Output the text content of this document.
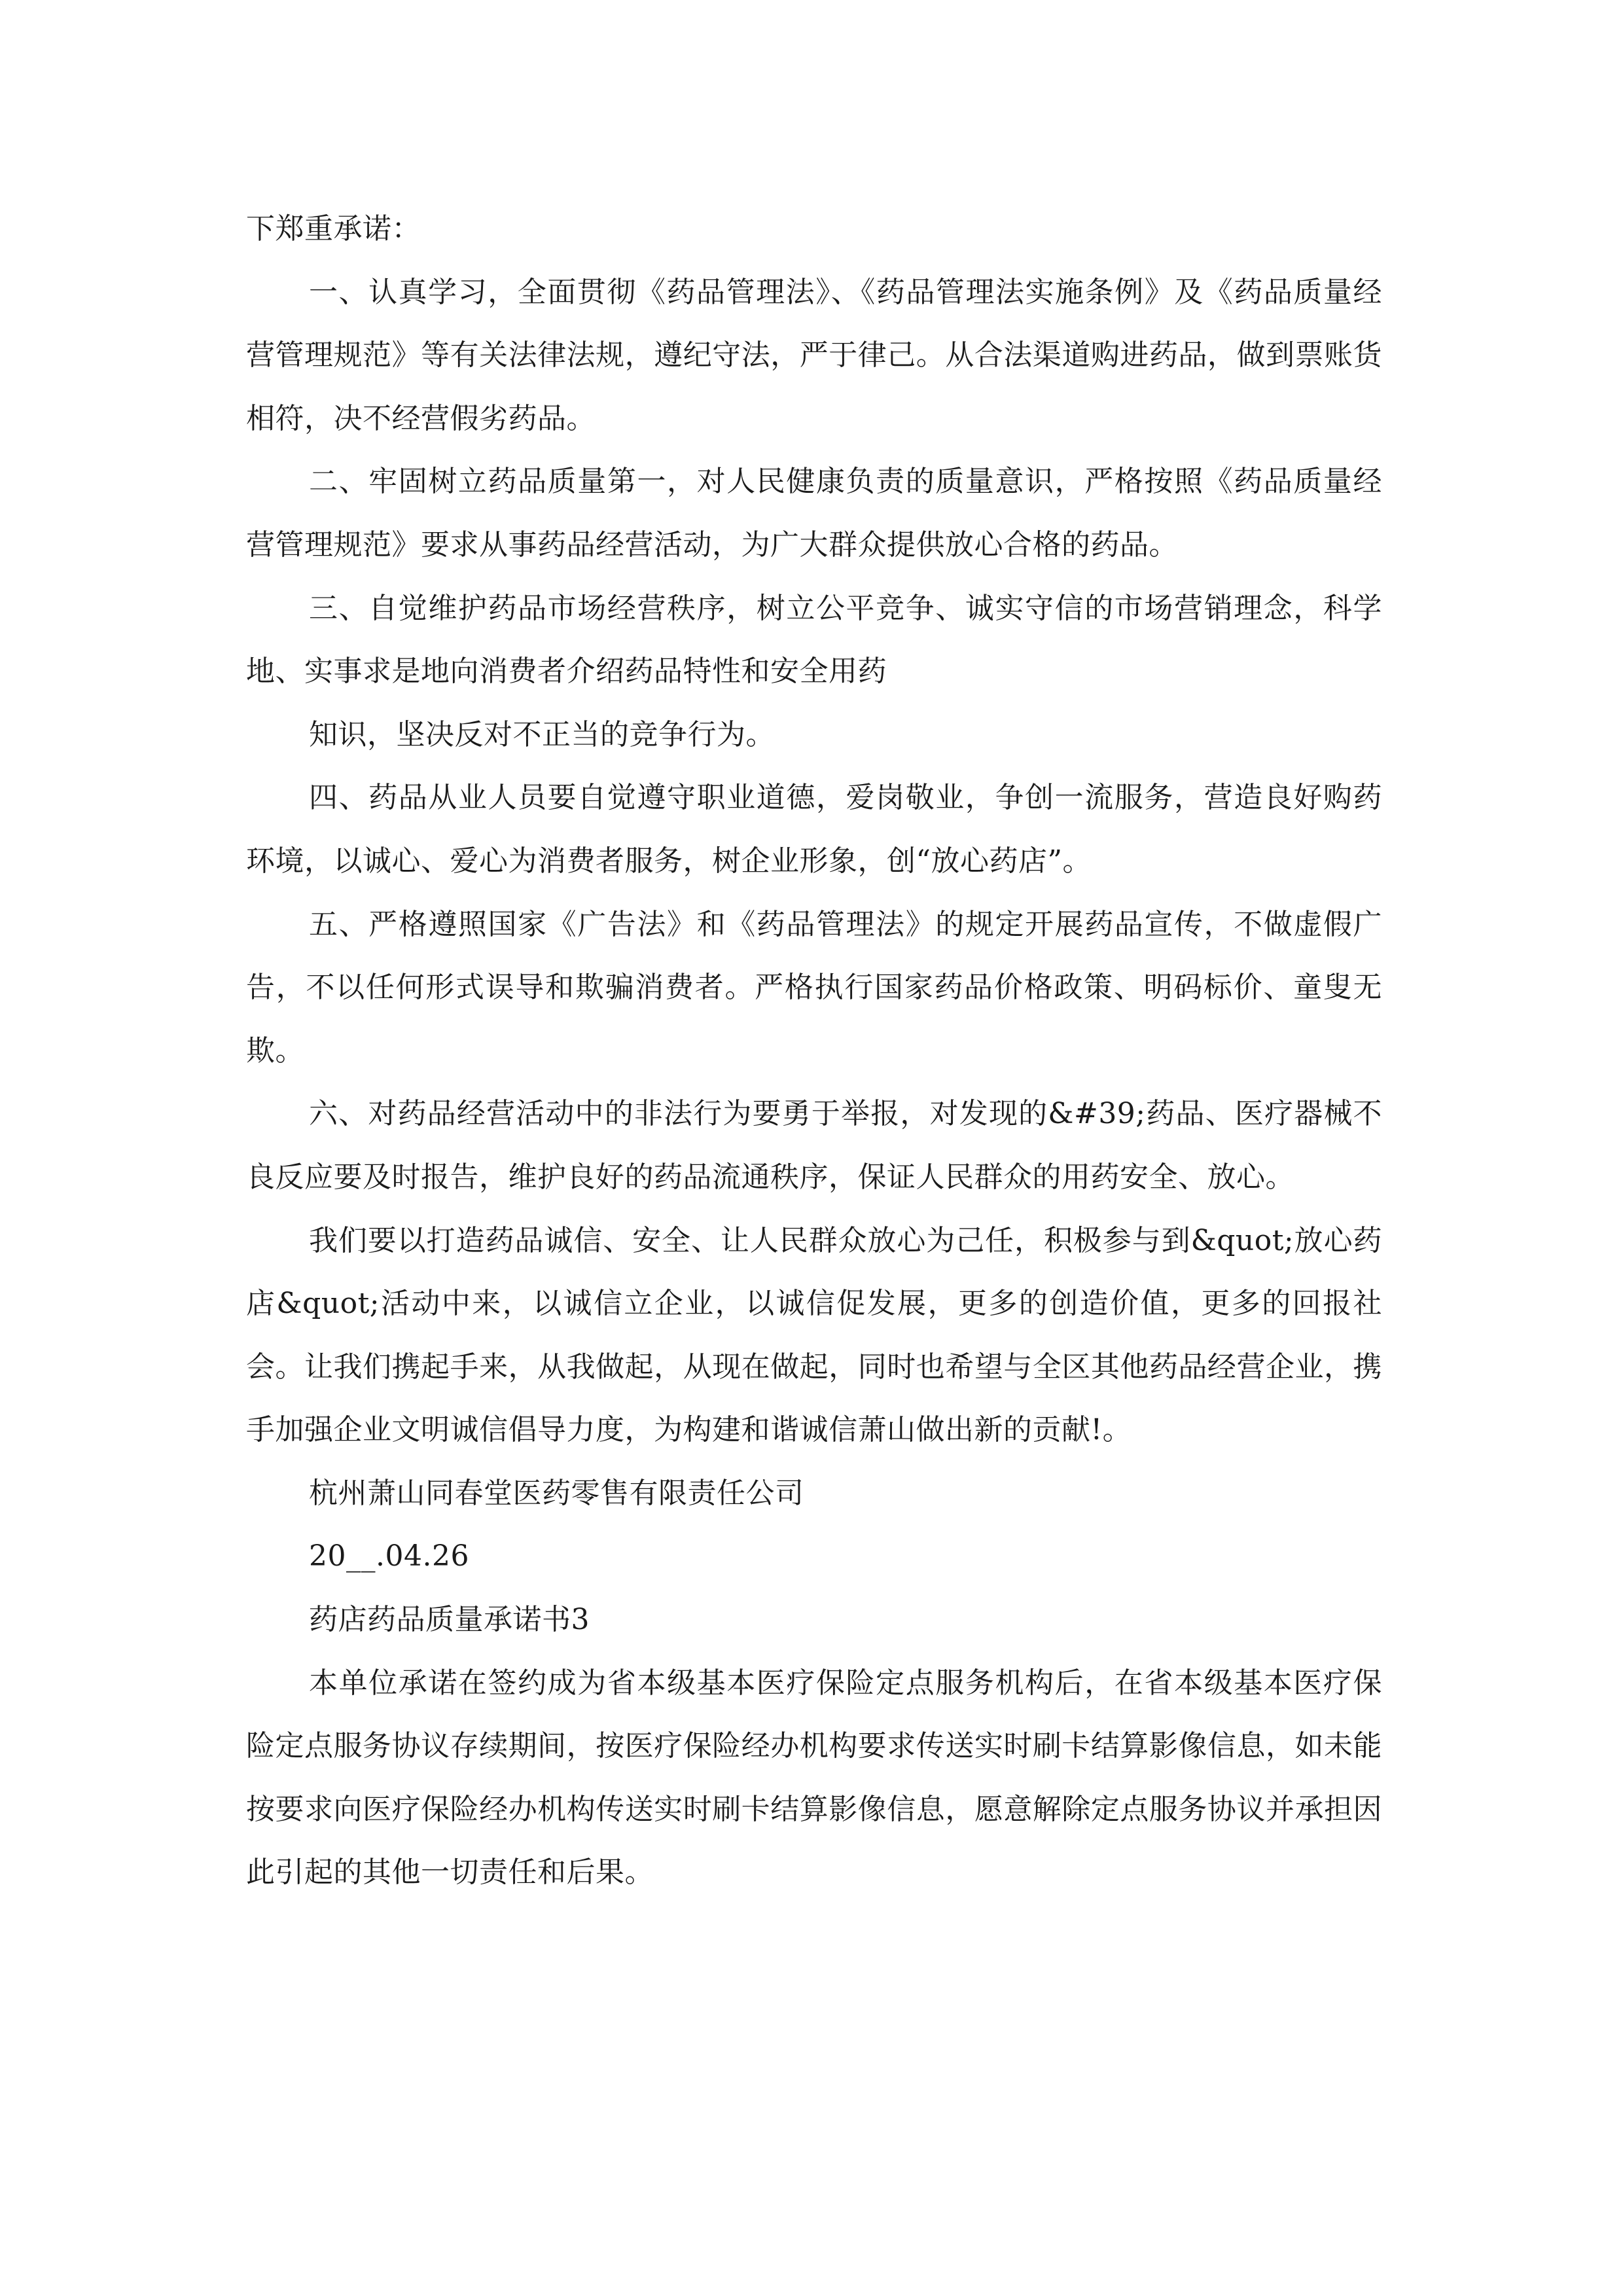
下郑重承诺：

一、认真学习，全面贯彻《药品管理法》、《药品管理法实施条例》及《药品质量经营管理规范》等有关法律法规，遵纪守法，严于律己。从合法渠道购进药品，做到票账货相符，决不经营假劣药品。

二、牢固树立药品质量第一，对人民健康负责的质量意识，严格按照《药品质量经营管理规范》要求从事药品经营活动，为广大群众提供放心合格的药品。

三、自觉维护药品市场经营秩序，树立公平竞争、诚实守信的市场营销理念，科学地、实事求是地向消费者介绍药品特性和安全用药

知识，坚决反对不正当的竞争行为。

四、药品从业人员要自觉遵守职业道德，爱岗敬业，争创一流服务，营造良好购药环境，以诚心、爱心为消费者服务，树企业形象，创“放心药店”。

五、严格遵照国家《广告法》和《药品管理法》的规定开展药品宣传，不做虚假广告，不以任何形式误导和欺骗消费者。严格执行国家药品价格政策、明码标价、童叟无欺。

六、对药品经营活动中的非法行为要勇于举报，对发现的&#39;药品、医疗器械不良反应要及时报告，维护良好的药品流通秩序，保证人民群众的用药安全、放心。

我们要以打造药品诚信、安全、让人民群众放心为己任，积极参与到&quot;放心药店&quot;活动中来，以诚信立企业，以诚信促发展，更多的创造价值，更多的回报社会。让我们携起手来，从我做起，从现在做起，同时也希望与全区其他药品经营企业，携手加强企业文明诚信倡导力度，为构建和谐诚信萧山做出新的贡献!。

杭州萧山同春堂医药零售有限责任公司

20__.04.26

药店药品质量承诺书3

本单位承诺在签约成为省本级基本医疗保险定点服务机构后，在省本级基本医疗保险定点服务协议存续期间，按医疗保险经办机构要求传送实时刷卡结算影像信息，如未能按要求向医疗保险经办机构传送实时刷卡结算影像信息，愿意解除定点服务协议并承担因此引起的其他一切责任和后果。
